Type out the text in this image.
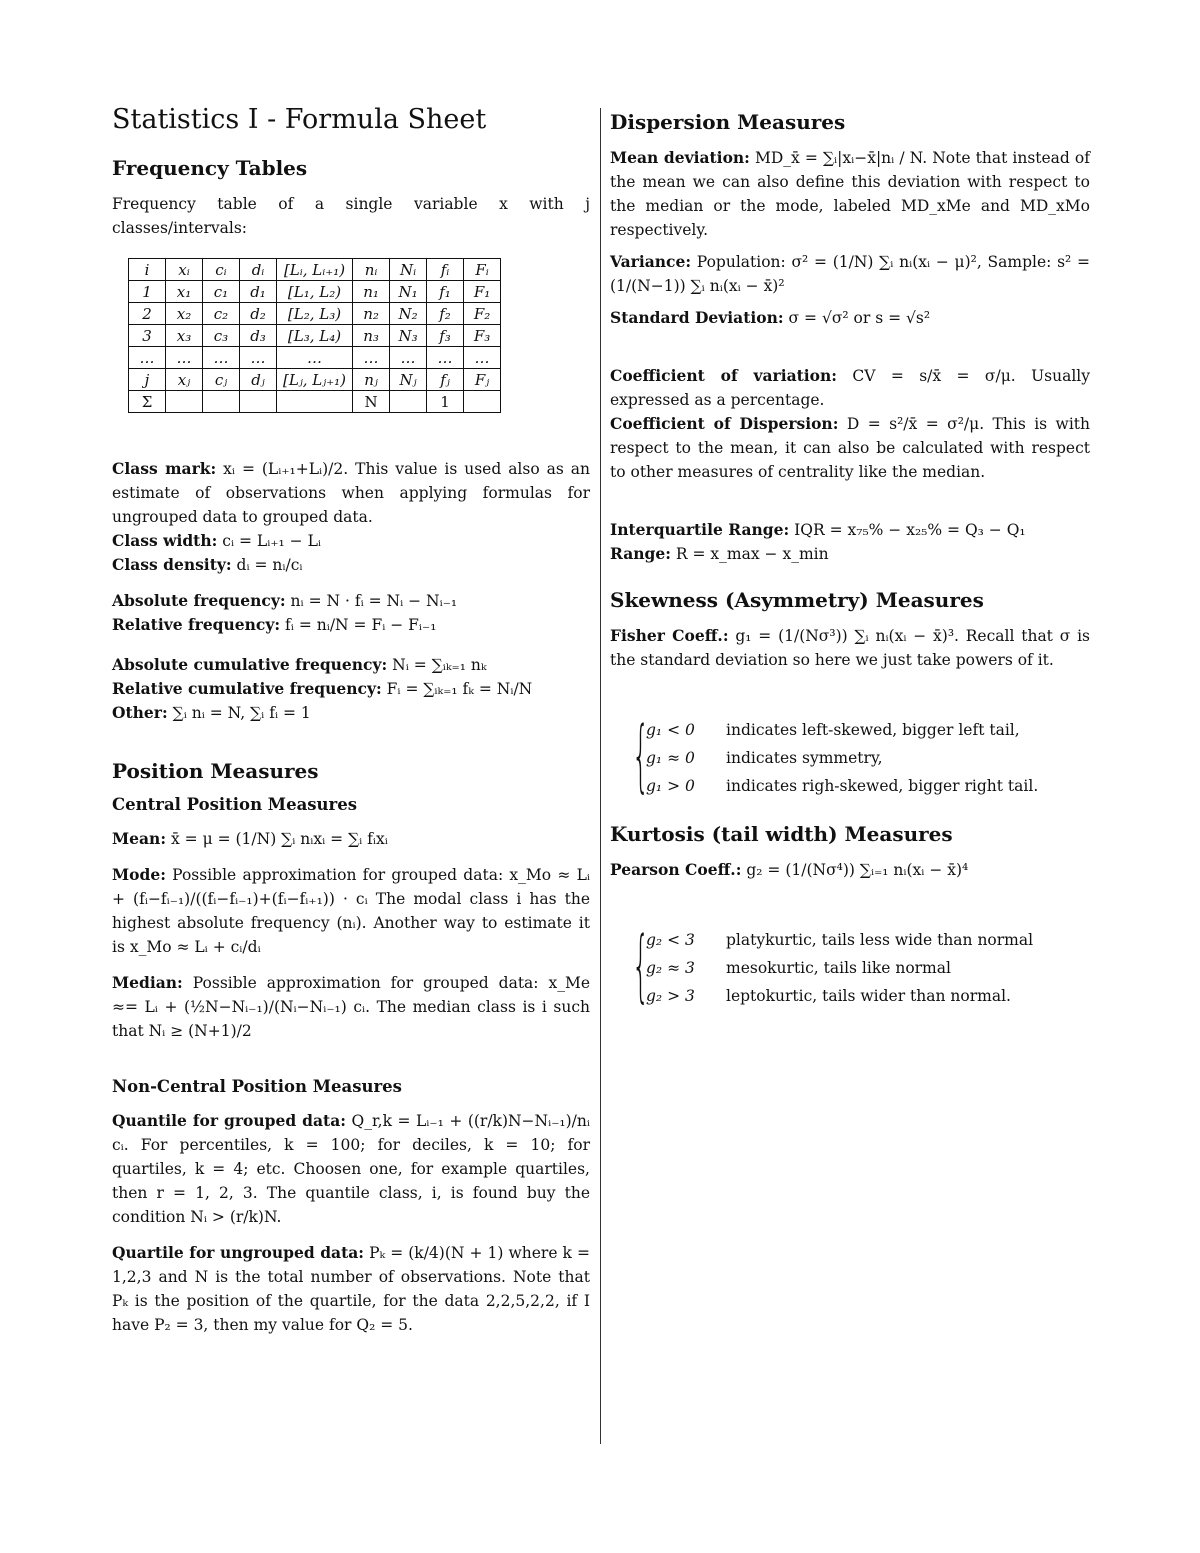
Statistics I - Formula Sheet
Frequency Tables

Frequency table of a single variable x with j classes/intervals:

i	xᵢ	cᵢ	dᵢ	[Lᵢ, Lᵢ₊₁)	nᵢ	Nᵢ	fᵢ	Fᵢ
1	x₁	c₁	d₁	[L₁, L₂)	n₁	N₁	f₁	F₁
2	x₂	c₂	d₂	[L₂, L₃)	n₂	N₂	f₂	F₂
3	x₃	c₃	d₃	[L₃, L₄)	n₃	N₃	f₃	F₃
…	…	…	…	…	…	…	…	…
j	xⱼ	cⱼ	dⱼ	[Lⱼ, Lⱼ₊₁)	nⱼ	Nⱼ	fⱼ	Fⱼ
Σ					N		1	

Class mark: xᵢ = (Lᵢ₊₁+Lᵢ)/2. This value is used also as an estimate of observations when applying formulas for ungrouped data to grouped data.

Class width: cᵢ = Lᵢ₊₁ − Lᵢ

Class density: dᵢ = nᵢ/cᵢ

Absolute frequency: nᵢ = N · fᵢ = Nᵢ − Nᵢ₋₁

Relative frequency: fᵢ = nᵢ/N = Fᵢ − Fᵢ₋₁

Absolute cumulative frequency: Nᵢ = ∑ᵢₖ₌₁ nₖ

Relative cumulative frequency: Fᵢ = ∑ᵢₖ₌₁ fₖ = Nᵢ/N

Other: ∑ᵢ nᵢ = N, ∑ᵢ fᵢ = 1

Position Measures
Central Position Measures

Mean: x̄ = μ = (1/N) ∑ᵢ nᵢxᵢ = ∑ᵢ fᵢxᵢ

Mode: Possible approximation for grouped data: x_Mo ≈ Lᵢ + (fᵢ−fᵢ₋₁)/((fᵢ−fᵢ₋₁)+(fᵢ−fᵢ₊₁)) · cᵢ The modal class i has the highest absolute frequency (nᵢ). Another way to estimate it is x_Mo ≈ Lᵢ + cᵢ/dᵢ

Median: Possible approximation for grouped data: x_Me ≈= Lᵢ + (½N−Nᵢ₋₁)/(Nᵢ−Nᵢ₋₁) cᵢ. The median class is i such that Nᵢ ≥ (N+1)/2

Non-Central Position Measures

Quantile for grouped data: Q_r,k = Lᵢ₋₁ + ((r/k)N−Nᵢ₋₁)/nᵢ cᵢ. For percentiles, k = 100; for deciles, k = 10; for quartiles, k = 4; etc. Choosen one, for example quartiles, then r = 1, 2, 3. The quantile class, i, is found buy the condition Nᵢ > (r/k)N.

Quartile for ungrouped data: Pₖ = (k/4)(N + 1) where k = 1,2,3 and N is the total number of observations. Note that Pₖ is the position of the quartile, for the data 2,2,5,2,2, if I have P₂ = 3, then my value for Q₂ = 5.

Dispersion Measures

Mean deviation: MD_x̄ = ∑ᵢ|xᵢ−x̄|nᵢ / N. Note that instead of the mean we can also define this deviation with respect to the median or the mode, labeled MD_xMe and MD_xMo respectively.

Variance: Population: σ² = (1/N) ∑ᵢ nᵢ(xᵢ − μ)², Sample: s² = (1/(N−1)) ∑ᵢ nᵢ(xᵢ − x̄)²

Standard Deviation: σ = √σ² or s = √s²

Coefficient of variation: CV = s/x̄ = σ/μ. Usually expressed as a percentage.

Coefficient of Dispersion: D = s²/x̄ = σ²/μ. This is with respect to the mean, it can also be calculated with respect to other measures of centrality like the median.

Interquartile Range: IQR = x₇₅% − x₂₅% = Q₃ − Q₁

Range: R = x_max − x_min

Skewness (Asymmetry) Measures

Fisher Coeff.: g₁ = (1/(Nσ³)) ∑ᵢ nᵢ(xᵢ − x̄)³. Recall that σ is the standard deviation so here we just take powers of it.

{
g₁ < 0	indicates left-skewed, bigger left tail,
g₁ ≈ 0	indicates symmetry,
g₁ > 0	indicates righ-skewed, bigger right tail.
Kurtosis (tail width) Measures

Pearson Coeff.: g₂ = (1/(Nσ⁴)) ∑ᵢ₌₁ nᵢ(xᵢ − x̄)⁴

{
g₂ < 3	platykurtic, tails less wide than normal
g₂ ≈ 3	mesokurtic, tails like normal
g₂ > 3	leptokurtic, tails wider than normal.
